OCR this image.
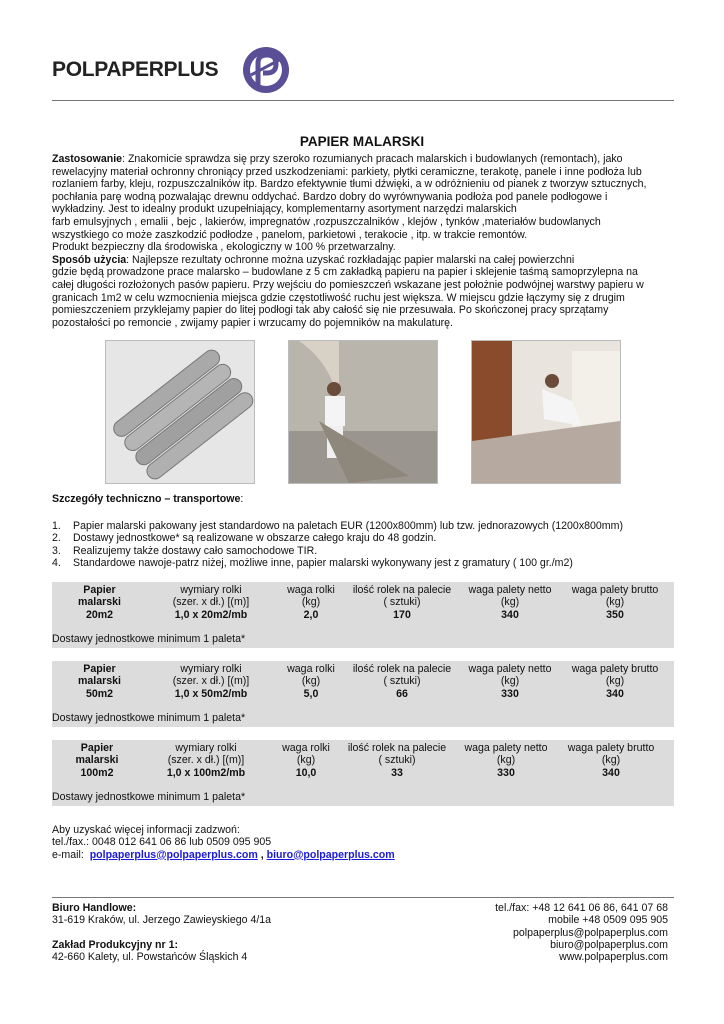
POLPAPERPLUS
PAPIER MALARSKI

Zastosowanie: Znakomicie sprawdza się przy szeroko rozumianych pracach malarskich i budowlanych (remontach), jako

rewelacyjny materiał ochronny chroniący przed uszkodzeniami: parkiety, płytki ceramiczne, terakotę, panele i inne podłoża lub

rozlaniem farby, kleju, rozpuszczalników itp. Bardzo efektywnie tłumi dźwięki, a w odróżnieniu od pianek z tworzyw sztucznych,

pochłania parę wodną pozwalając drewnu oddychać. Bardzo dobry do wyrównywania podłoża pod panele podłogowe i

wykładziny. Jest to idealny produkt uzupełniający, komplementarny asortyment narzędzi malarskich

farb emulsyjnych , emalii , bejc , lakierów, impregnatów ,rozpuszczalników , klejów , tynków ,materiałów budowlanych

wszystkiego co może zaszkodzić podłodze , panelom, parkietowi , terakocie , itp. w trakcie remontów.

Produkt bezpieczny dla środowiska , ekologiczny w 100 % przetwarzalny.

Sposób użycia: Najlepsze rezultaty ochronne można uzyskać rozkładając papier malarski na całej powierzchni

gdzie będą prowadzone prace malarsko – budowlane z 5 cm zakładką papieru na papier i sklejenie taśmą samoprzylepna na

całej długości rozłożonych pasów papieru. Przy wejściu do pomieszczeń wskazane jest położnie podwójnej warstwy papieru w

granicach 1m2 w celu wzmocnienia miejsca gdzie częstotliwość ruchu jest większa. W miejscu gdzie łączymy się z drugim

pomieszczeniem przyklejamy papier do litej podłogi tak aby całość się nie przesuwała. Po skończonej pracy sprzątamy

pozostałości po remoncie , zwijamy papier i wrzucamy do pojemników na makulaturę.

Szczegóły techniczno – transportowe:
1. Papier malarski pakowany jest standardowo na paletach EUR (1200x800mm) lub tzw. jednorazowych (1200x800mm)
2. Dostawy jednostkowe* są realizowane w obszarze całego kraju do 48 godzin.
3. Realizujemy także dostawy cało samochodowe TIR.
4. Standardowe nawoje-patrz niżej, możliwe inne, papier malarski wykonywany jest z gramatury ( 100 gr./m2)
Papier
malarski
20m2
wymiary rolki
(szer. x dł.) [(m)]
1,0 x 20m2/mb
waga rolki
(kg)
2,0
ilość rolek na palecie
( sztuki)
170
waga palety netto
(kg)
340
waga palety brutto
(kg)
350
Dostawy jednostkowe minimum 1 paleta*
Papier
malarski
50m2
wymiary rolki
(szer. x dł.) [(m)]
1,0 x 50m2/mb
waga rolki
(kg)
5,0
ilość rolek na palecie
( sztuki)
66
waga palety netto
(kg)
330
waga palety brutto
(kg)
340
Dostawy jednostkowe minimum 1 paleta*
Papier
malarski
100m2
wymiary rolki
(szer. x dł.) [(m)]
1,0 x 100m2/mb
waga rolki
(kg)
10,0
ilość rolek na palecie
( sztuki)
33
waga palety netto
(kg)
330
waga palety brutto
(kg)
340
Dostawy jednostkowe minimum 1 paleta*
Aby uzyskać więcej informacji zadzwoń:
tel./fax.: 0048 012 641 06 86 lub 0509 095 905
e-mail:  polpaperplus@polpaperplus.com , biuro@polpaperplus.com
Biuro Handlowe:
31-619 Kraków, ul. Jerzego Zawieyskiego 4/1a
Zakład Produkcyjny nr 1:
42-660 Kalety, ul. Powstańców Śląskich 4
tel./fax: +48 12 641 06 86, 641 07 68
mobile +48 0509 095 905
polpaperplus@polpaperplus.com
biuro@polpaperplus.com
www.polpaperplus.com
